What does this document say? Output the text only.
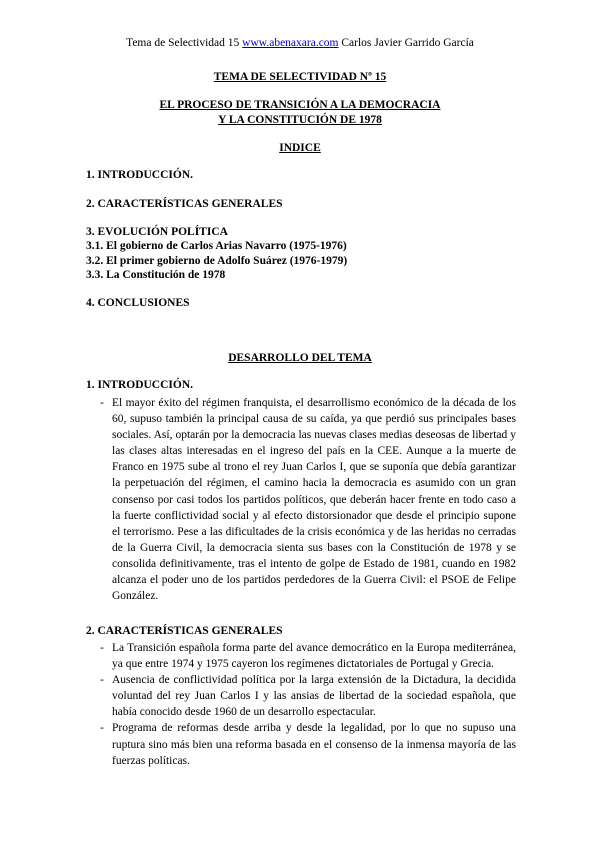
Tema de Selectividad 15 www.abenaxara.com Carlos Javier Garrido García
TEMA DE SELECTIVIDAD Nº 15
EL PROCESO DE TRANSICIÓN A LA DEMOCRACIA
Y LA CONSTITUCIÓN DE 1978
INDICE
1. INTRODUCCIÓN.
2. CARACTERÍSTICAS GENERALES
3. EVOLUCIÓN POLÍTICA
3.1. El gobierno de Carlos Arias Navarro (1975-1976)
3.2. El primer gobierno de Adolfo Suárez (1976-1979)
3.3. La Constitución de 1978
4. CONCLUSIONES
DESARROLLO DEL TEMA
1. INTRODUCCIÓN.
- El mayor éxito del régimen franquista, el desarrollismo económico de la década de los 60, supuso también la principal causa de su caída, ya que perdió sus principales bases sociales. Así, optarán por la democracia las nuevas clases medias deseosas de libertad y las clases altas interesadas en el ingreso del país en la CEE. Aunque a la muerte de Franco en 1975 sube al trono el rey Juan Carlos I, que se suponía que debía garantizar la perpetuación del régimen, el camino hacia la democracia es asumido con un gran consenso por casi todos los partidos políticos, que deberán hacer frente en todo caso a la fuerte conflictividad social y al efecto distorsionador que desde el principio supone el terrorismo. Pese a las dificultades de la crisis económica y de las heridas no cerradas de la Guerra Civil, la democracia sienta sus bases con la Constitución de 1978 y se consolida definitivamente, tras el intento de golpe de Estado de 1981, cuando en 1982 alcanza el poder uno de los partidos perdedores de la Guerra Civil: el PSOE de Felipe González.
2. CARACTERÍSTICAS GENERALES
- La Transición española forma parte del avance democrático en la Europa mediterránea, ya que entre 1974 y 1975 cayeron los regímenes dictatoriales de Portugal y Grecia.
- Ausencia de conflictividad política por la larga extensión de la Dictadura, la decidida voluntad del rey Juan Carlos I y las ansias de libertad de la sociedad española, que había conocido desde 1960 de un desarrollo espectacular.
- Programa de reformas desde arriba y desde la legalidad, por lo que no supuso una ruptura sino más bien una reforma basada en el consenso de la inmensa mayoría de las fuerzas políticas.
